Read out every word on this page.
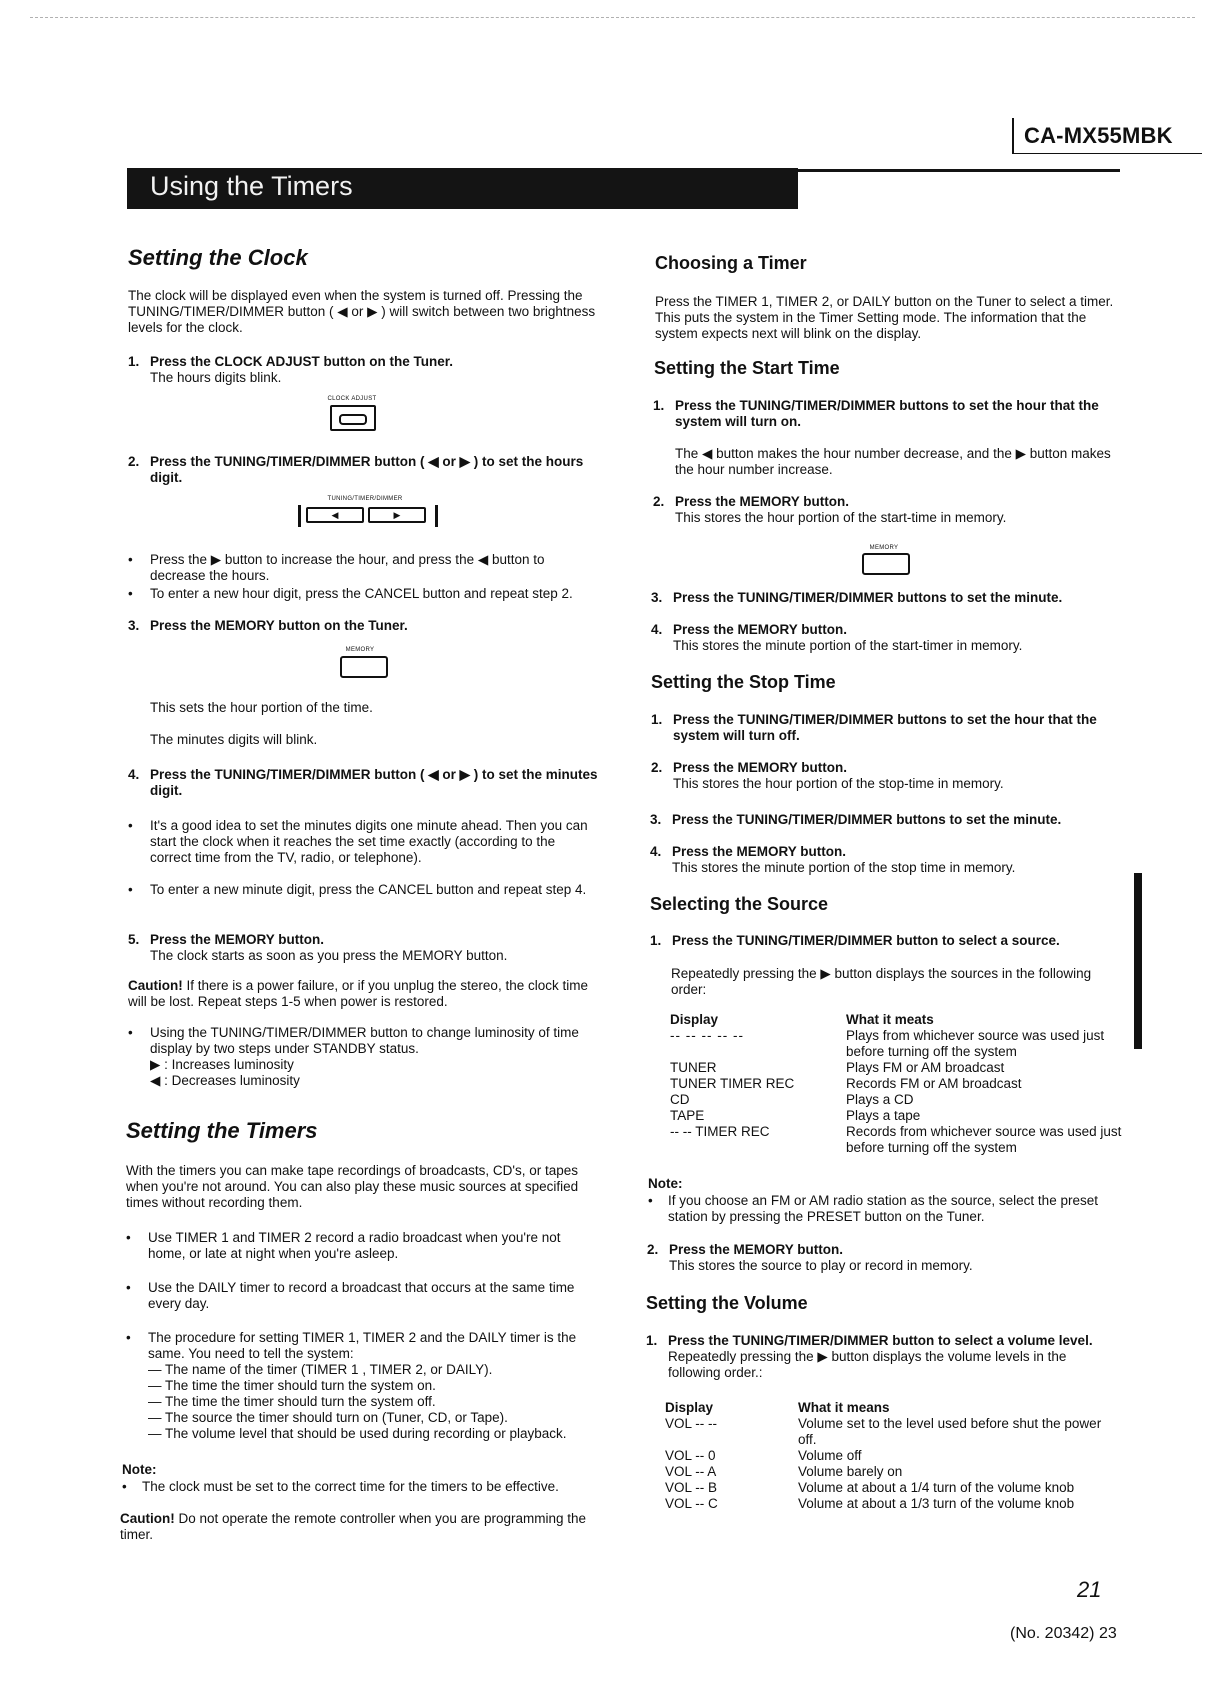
CA-MX55MBK
Using the Timers
Setting the Clock
The clock will be displayed even when the system is turned off. Pressing the TUNING/TIMER/DIMMER button ( ◀ or ▶ ) will switch between two brightness levels for the clock.
1. Press the CLOCK ADJUST button on the Tuner.
The hours digits blink.
CLOCK ADJUST
2. Press the TUNING/TIMER/DIMMER button ( ◀ or ▶ ) to set the hours digit.
TUNING/TIMER/DIMMER
◀	▶
• Press the ▶ button to increase the hour, and press the ◀ button to decrease the hours.
• To enter a new hour digit, press the CANCEL button and repeat step 2.
3. Press the MEMORY button on the Tuner.
MEMORY
This sets the hour portion of the time.
The minutes digits will blink.
4. Press the TUNING/TIMER/DIMMER button ( ◀ or ▶ ) to set the minutes digit.
• It's a good idea to set the minutes digits one minute ahead. Then you can start the clock when it reaches the set time exactly (according to the correct time from the TV, radio, or telephone).
• To enter a new minute digit, press the CANCEL button and repeat step 4.
5. Press the MEMORY button.
The clock starts as soon as you press the MEMORY button.
Caution! If there is a power failure, or if you unplug the stereo, the clock time will be lost. Repeat steps 1-5 when power is restored.
• Using the TUNING/TIMER/DIMMER button to change luminosity of time display by two steps under STANDBY status.
▶ : Increases luminosity
◀ : Decreases luminosity
Setting the Timers
With the timers you can make tape recordings of broadcasts, CD's, or tapes when you're not around. You can also play these music sources at specified times without recording them.
• Use TIMER 1 and TIMER 2 record a radio broadcast when you're not home, or late at night when you're asleep.
• Use the DAILY timer to record a broadcast that occurs at the same time every day.
• The procedure for setting TIMER 1, TIMER 2 and the DAILY timer is the same. You need to tell the system:
— The name of the timer (TIMER 1 , TIMER 2, or DAILY).
— The time the timer should turn the system on.
— The time the timer should turn the system off.
— The source the timer should turn on (Tuner, CD, or Tape).
— The volume level that should be used during recording or playback.
Note:
• The clock must be set to the correct time for the timers to be effective.
Caution! Do not operate the remote controller when you are programming the timer.
Choosing a Timer
Press the TIMER 1, TIMER 2, or DAILY button on the Tuner to select a timer. This puts the system in the Timer Setting mode. The information that the system expects next will blink on the display.
Setting the Start Time
1. Press the TUNING/TIMER/DIMMER buttons to set the hour that the system will turn on.
The ◀ button makes the hour number decrease, and the ▶ button makes the hour number increase.
2. Press the MEMORY button.
This stores the hour portion of the start-time in memory.
MEMORY
3. Press the TUNING/TIMER/DIMMER buttons to set the minute.
4. Press the MEMORY button.
This stores the minute portion of the start-timer in memory.
Setting the Stop Time
1. Press the TUNING/TIMER/DIMMER buttons to set the hour that the system will turn off.
2. Press the MEMORY button.
This stores the hour portion of the stop-time in memory.
3. Press the TUNING/TIMER/DIMMER buttons to set the minute.
4. Press the MEMORY button.
This stores the minute portion of the stop time in memory.
Selecting the Source
1. Press the TUNING/TIMER/DIMMER button to select a source.
Repeatedly pressing the ▶ button displays the sources in the following order:
Display	What it meats
-- -- -- -- --	Plays from whichever source was used just before turning off the system
TUNER	Plays FM or AM broadcast
TUNER TIMER REC	Records FM or AM broadcast
CD	Plays a CD
TAPE	Plays a tape
-- -- TIMER REC	Records from whichever source was used just before turning off the system
Note:
• If you choose an FM or AM radio station as the source, select the preset station by pressing the PRESET button on the Tuner.
2. Press the MEMORY button.
This stores the source to play or record in memory.
Setting the Volume
1. Press the TUNING/TIMER/DIMMER button to select a volume level.
Repeatedly pressing the ▶ button displays the volume levels in the following order.:
Display	What it means
VOL -- --	Volume set to the level used before shut the power off.
VOL -- 0	Volume off
VOL -- A	Volume barely on
VOL -- B	Volume at about a 1/4 turn of the volume knob
VOL -- C	Volume at about a 1/3 turn of the volume knob
21
(No. 20342) 23
